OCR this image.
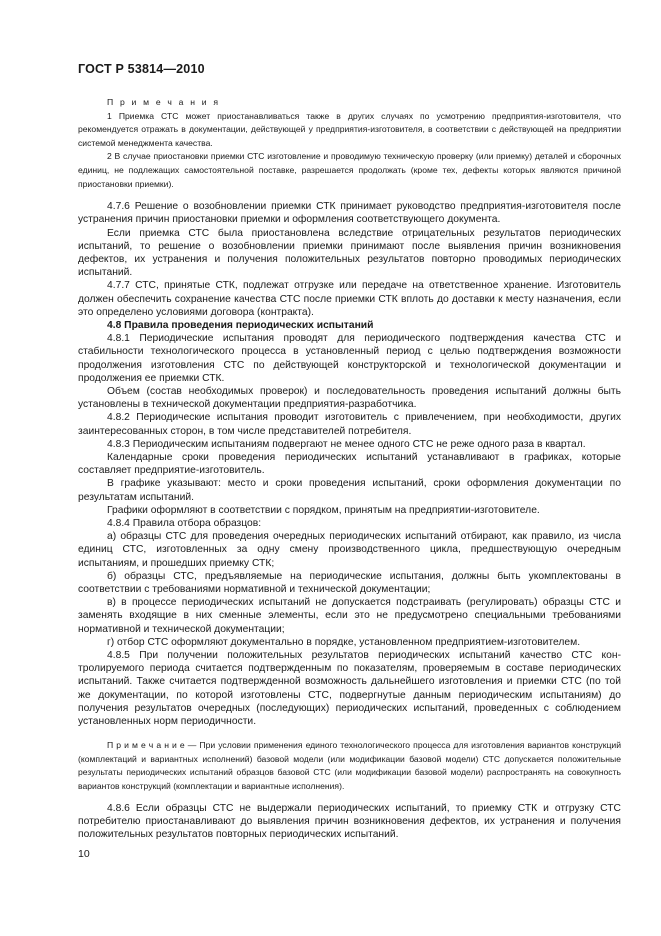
ГОСТ Р 53814—2010
П р и м е ч а н и я

1 Приемка СТС может приостанавливаться также в других случаях по усмотрению предприятия-изготовителя, что рекомендуется отражать в документации, действующей у предприятия-изготовителя, в соответствии с действующей на предприятии системой менеджмента качества.

2 В случае приостановки приемки СТС изготовление и проводимую техническую проверку (или приемку) деталей и сборочных единиц, не подлежащих самостоятельной поставке, разрешается продолжать (кроме тех, дефекты которых являются причиной приостановки приемки).

4.7.6 Решение о возобновлении приемки СТК принимает руководство предприятия-изготовителя после устранения причин приостановки приемки и оформления соответствующего документа.

Если приемка СТС была приостановлена вследствие отрицательных результатов периодических испытаний, то решение о возобновлении приемки принимают после выявления причин возникновения дефектов, их устранения и получения положительных результатов повторно проводимых периодических испытаний.

4.7.7 СТС, принятые СТК, подлежат отгрузке или передаче на ответственное хранение. Изготовитель должен обеспечить сохранение качества СТС после приемки СТК вплоть до доставки к месту назначения, если это определено условиями договора (контракта).

4.8 Правила проведения периодических испытаний

4.8.1 Периодические испытания проводят для периодического подтверждения качества СТС и стабильности технологического процесса в установленный период с целью подтверждения возможности продолжения изготовления СТС по действующей конструкторской и технологической документации и продолжения ее приемки СТК.

Объем (состав необходимых проверок) и последовательность проведения испытаний должны быть установлены в технической документации предприятия-разработчика.

4.8.2 Периодические испытания проводит изготовитель с привлечением, при необходимости, других заинтересованных сторон, в том числе представителей потребителя.

4.8.3 Периодическим испытаниям подвергают не менее одного СТС не реже одного раза в квартал.

Календарные сроки проведения периодических испытаний устанавливают в графиках, которые составляет предприятие-изготовитель.

В графике указывают: место и сроки проведения испытаний, сроки оформления документации по результатам испытаний.

Графики оформляют в соответствии с порядком, принятым на предприятии-изготовителе.

4.8.4 Правила отбора образцов:

а) образцы СТС для проведения очередных периодических испытаний отбирают, как правило, из числа единиц СТС, изготовленных за одну смену производственного цикла, предшествующую очередным испытаниям, и прошедших приемку СТК;

б) образцы СТС, предъявляемые на периодические испытания, должны быть укомплектованы в соответствии с требованиями нормативной и технической документации;

в) в процессе периодических испытаний не допускается подстраивать (регулировать) образцы СТС и заменять входящие в них сменные элементы, если это не предусмотрено специальными требованиями нормативной и технической документации;

г) отбор СТС оформляют документально в порядке, установленном предприятием-изготовителем.

4.8.5 При получении положительных результатов периодических испытаний качество СТС контролируемого периода считается подтвержденным по показателям, проверяемым в составе периодических испытаний. Также считается подтвержденной возможность дальнейшего изготовления и приемки СТС (по той же документации, по которой изготовлены СТС, подвергнутые данным периодическим испытаниям) до получения результатов очередных (последующих) периодических испытаний, проведенных с соблюдением установленных норм периодичности.

П р и м е ч а н и е — При условии применения единого технологического процесса для изготовления вариантов конструкций (комплектаций и вариантных исполнений) базовой модели (или модификации базовой модели) СТС допускается положительные результаты периодических испытаний образцов базовой СТС (или модификации базовой модели) распространять на совокупность вариантов конструкций (комплектации и вариантные исполнения).

4.8.6 Если образцы СТС не выдержали периодических испытаний, то приемку СТК и отгрузку СТС потребителю приостанавливают до выявления причин возникновения дефектов, их устранения и получения положительных результатов повторных периодических испытаний.

10
